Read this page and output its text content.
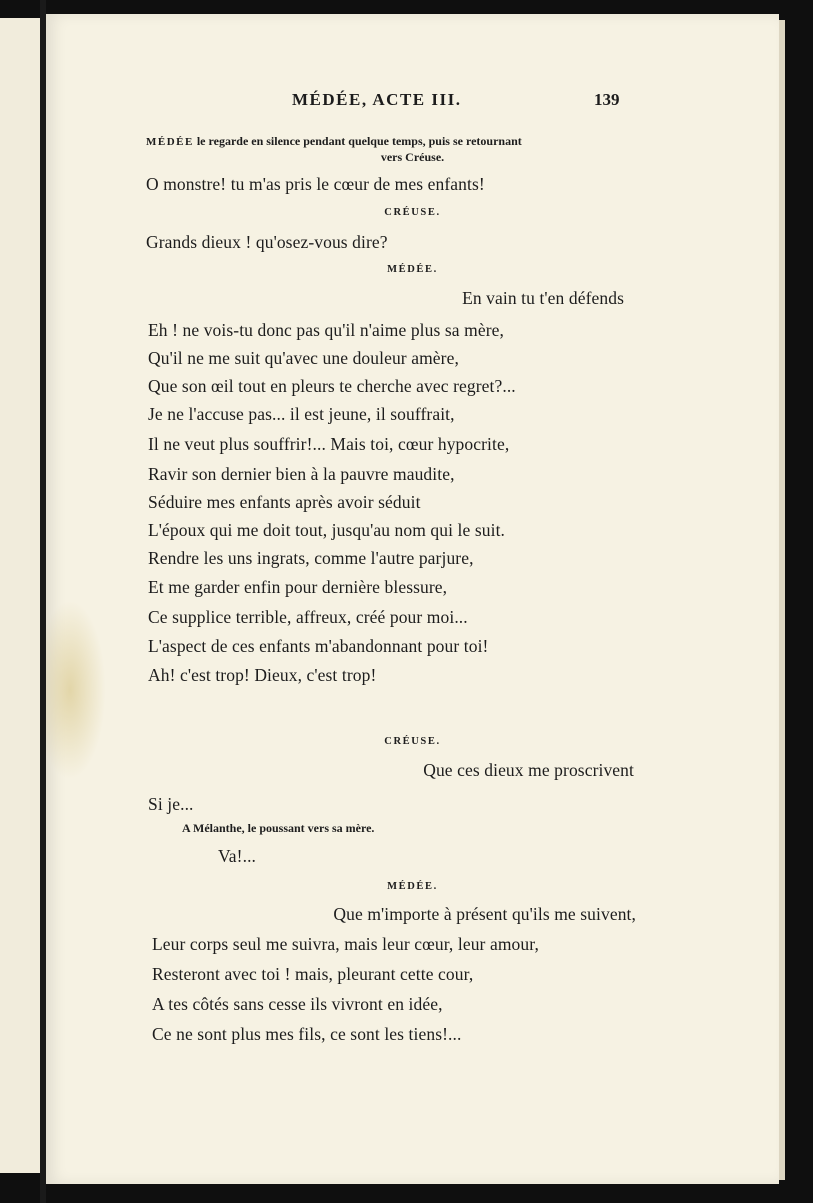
MÉDÉE, ACTE III.	139
MÉDÉE le regarde en silence pendant quelque temps, puis se retournant
vers Créuse.
O monstre! tu m'as pris le cœur de mes enfants!
CRÉUSE.
Grands dieux ! qu'osez-vous dire?
MÉDÉE.
En vain tu t'en défends
Eh ! ne vois-tu donc pas qu'il n'aime plus sa mère,
Qu'il ne me suit qu'avec une douleur amère,
Que son œil tout en pleurs te cherche avec regret?...
Je ne l'accuse pas... il est jeune, il souffrait,
Il ne veut plus souffrir!... Mais toi, cœur hypocrite,
Ravir son dernier bien à la pauvre maudite,
Séduire mes enfants après avoir séduit
L'époux qui me doit tout, jusqu'au nom qui le suit.
Rendre les uns ingrats, comme l'autre parjure,
Et me garder enfin pour dernière blessure,
Ce supplice terrible, affreux, créé pour moi...
L'aspect de ces enfants m'abandonnant pour toi!
Ah! c'est trop! Dieux, c'est trop!
CRÉUSE.
Que ces dieux me proscrivent
Si je...
A Mélanthe, le poussant vers sa mère.
Va!...
MÉDÉE.
Que m'importe à présent qu'ils me suivent,
Leur corps seul me suivra, mais leur cœur, leur amour,
Resteront avec toi ! mais, pleurant cette cour,
A tes côtés sans cesse ils vivront en idée,
Ce ne sont plus mes fils, ce sont les tiens!...
